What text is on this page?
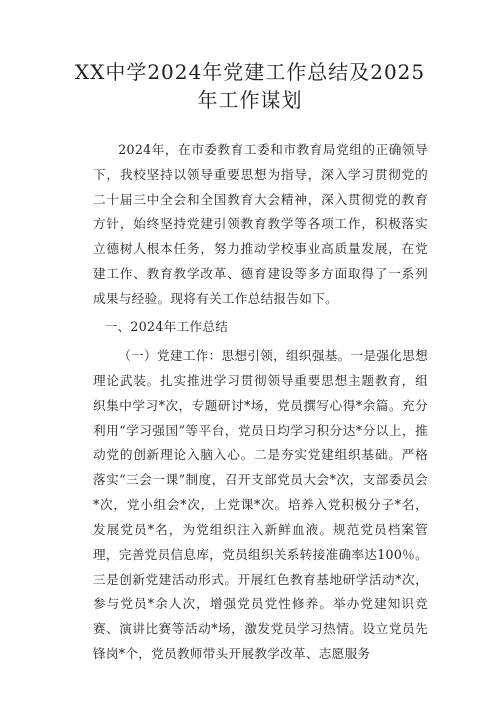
XX中学2024年党建工作总结及2025年工作谋划
2024年，在市委教育工委和市教育局党组的正确领导下，我校坚持以领导重要思想为指导，深入学习贯彻党的二十届三中全会和全国教育大会精神，深入贯彻党的教育方针，始终坚持党建引领教育教学等各项工作，积极落实立德树人根本任务，努力推动学校事业高质量发展，在党建工作、教育教学改革、德育建设等多方面取得了一系列成果与经验。现将有关工作总结报告如下。
一、2024年工作总结
（一）党建工作：思想引领，组织强基。一是强化思想理论武装。扎实推进学习贯彻领导重要思想主题教育，组织集中学习*次，专题研讨*场，党员撰写心得*余篇。充分利用“学习强国”等平台，党员日均学习积分达*分以上，推动党的创新理论入脑入心。二是夯实党建组织基础。严格落实“三会一课”制度，召开支部党员大会*次，支部委员会*次，党小组会*次，上党课*次。培养入党积极分子*名，发展党员*名，为党组织注入新鲜血液。规范党员档案管理，完善党员信息库，党员组织关系转接准确率达100％。三是创新党建活动形式。开展红色教育基地研学活动*次，参与党员*余人次，增强党员党性修养。举办党建知识竞赛、演讲比赛等活动*场，激发党员学习热情。设立党员先锋岗*个，党员教师带头开展教学改革、志愿服务
